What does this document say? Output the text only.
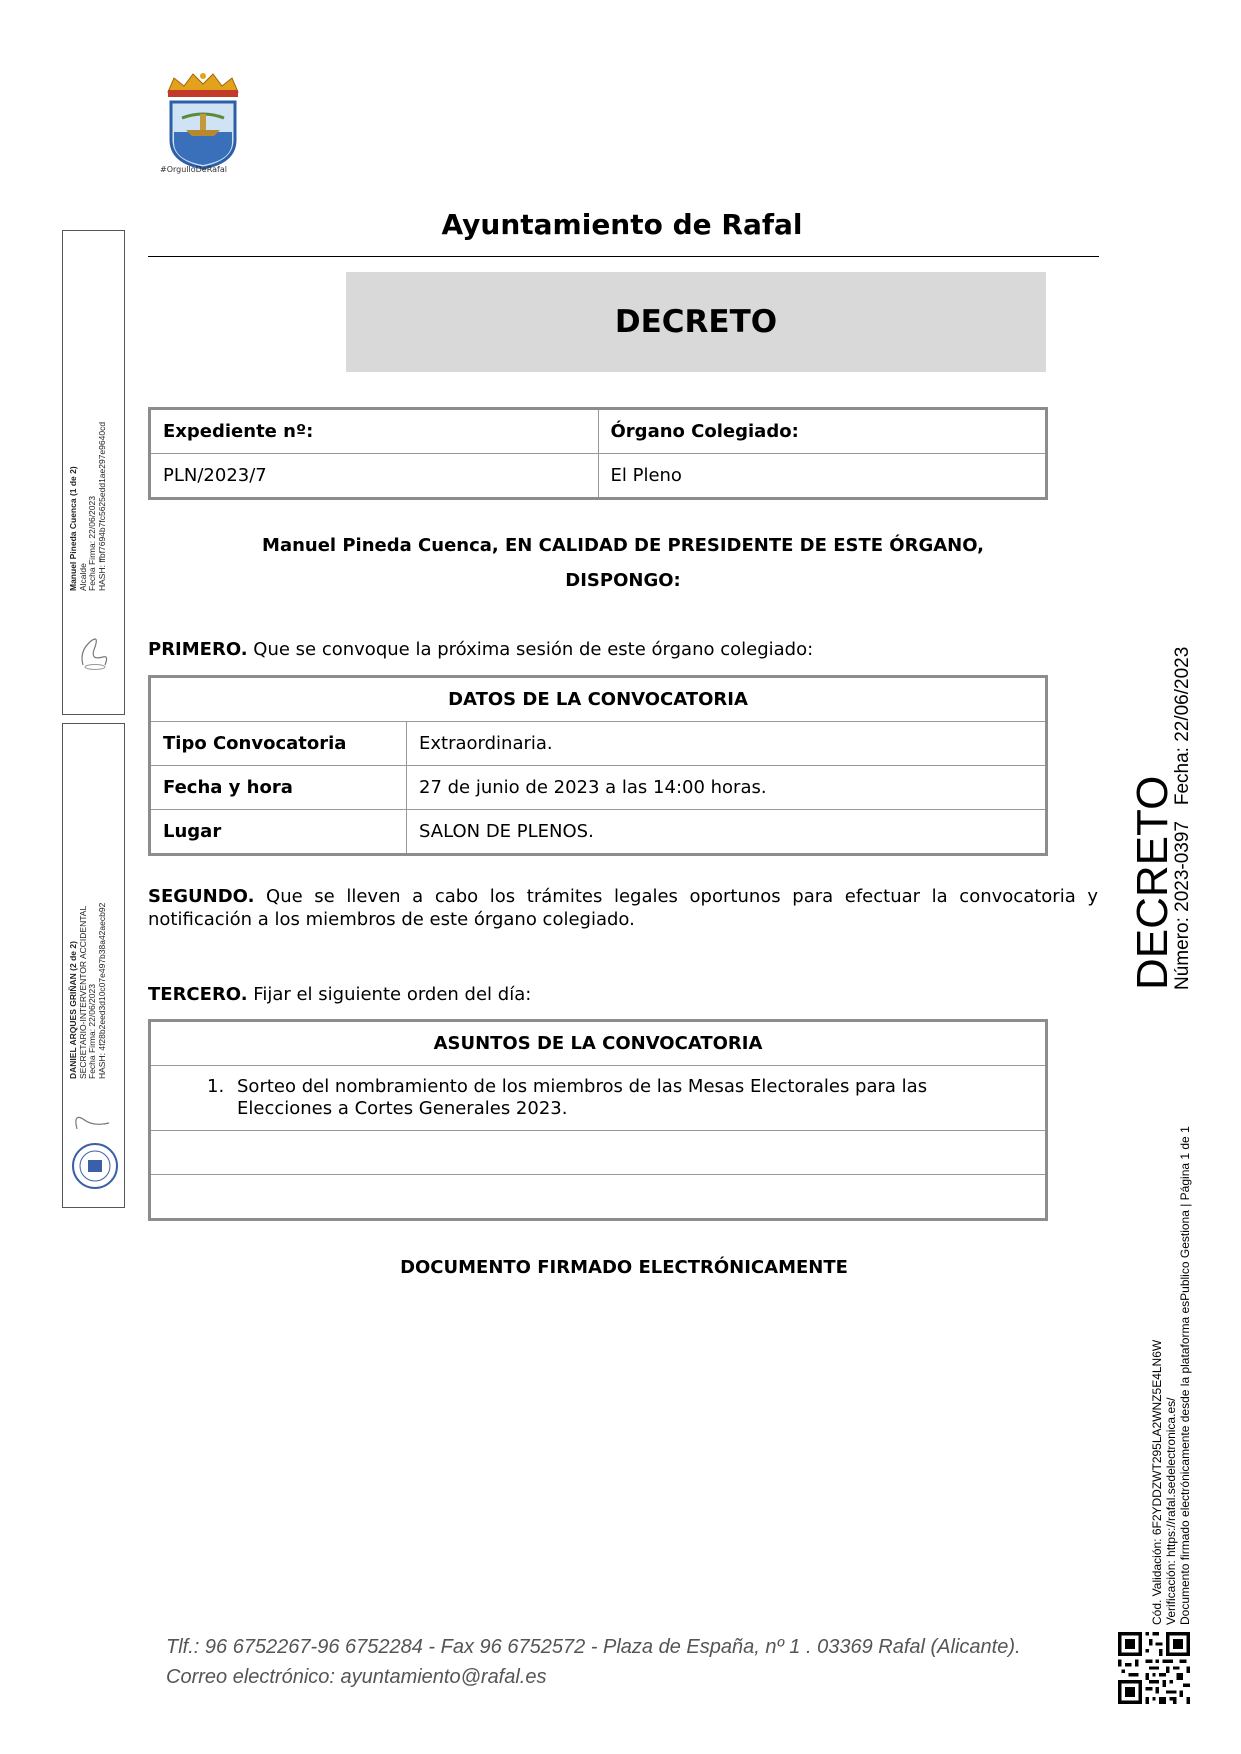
#OrgulloDeRafal
Ayuntamiento de Rafal
DECRETO
Expediente nº:	Órgano Colegiado:
PLN/2023/7	El Pleno
Manuel Pineda Cuenca, EN CALIDAD DE PRESIDENTE DE ESTE ÓRGANO,
DISPONGO:
PRIMERO. Que se convoque la próxima sesión de este órgano colegiado:
DATOS DE LA CONVOCATORIA	
Tipo Convocatoria	Extraordinaria.
Fecha y hora	27 de junio de 2023 a las 14:00 horas.
Lugar	SALON DE PLENOS.
SEGUNDO. Que se lleven a cabo los trámites legales oportunos para efectuar la convocatoria y notificación a los miembros de este órgano colegiado.
TERCERO. Fijar el siguiente orden del día:
ASUNTOS DE LA CONVOCATORIA
1. Sorteo del nombramiento de los miembros de las Mesas Electorales para las Elecciones a Cortes Generales 2023.

DOCUMENTO FIRMADO ELECTRÓNICAMENTE
Tlf.: 96 6752267-96 6752284 - Fax 96 6752572 - Plaza de España, nº 1 . 03369 Rafal (Alicante).
Correo electrónico: ayuntamiento@rafal.es
Manuel Pineda Cuenca (1 de 2) Alcalde Fecha Firma: 22/06/2023 HASH: ffbf7694b7fc5625edd1ae297e9640cd
DANIEL ARQUES GRIÑAN (2 de 2) SECRETARIO-INTERVENTOR ACCIDENTAL Fecha Firma: 22/06/2023 HASH: 4f28b2eed3d10c07e497b38a42aecb92
DECRETO
Número: 2023-0397   Fecha: 22/06/2023
Cód. Validación: 6F2YDDZWT295LA2WNZ5E4LN6W Verificación: https://rafal.sedelectronica.es/ Documento firmado electrónicamente desde la plataforma esPublico Gestiona | Página 1 de 1
